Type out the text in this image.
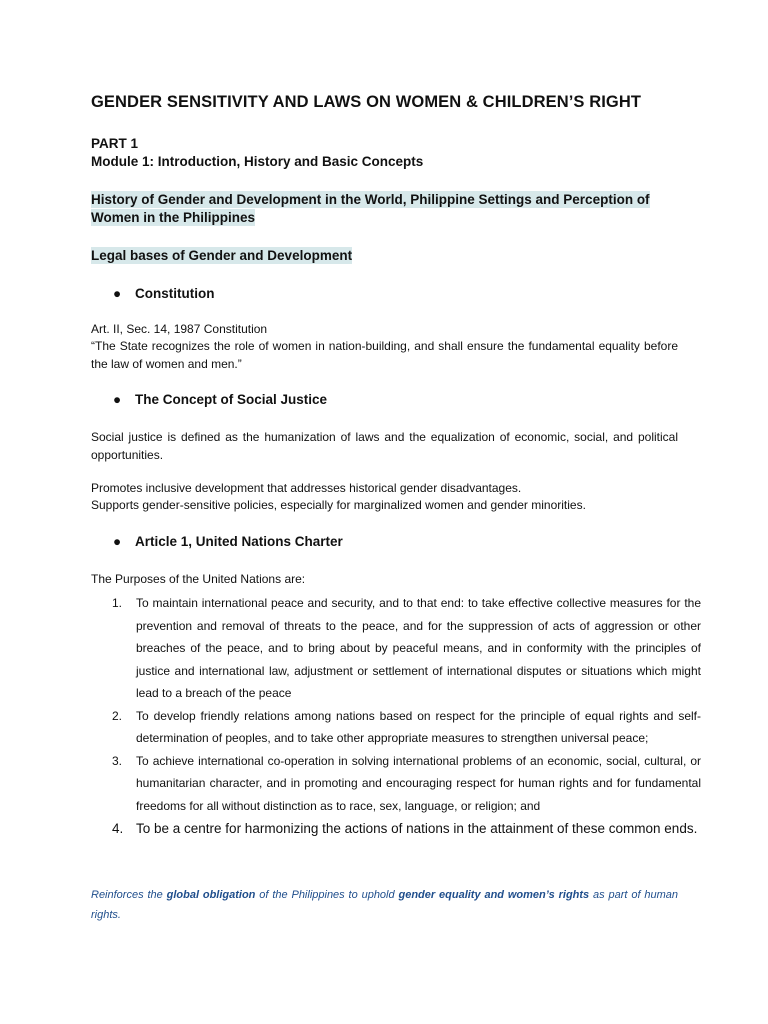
GENDER SENSITIVITY AND LAWS ON WOMEN & CHILDREN’S RIGHT
PART 1
Module 1: Introduction, History and Basic Concepts
History of Gender and Development in the World, Philippine Settings and Perception of Women in the Philippines
Legal bases of Gender and Development
● Constitution
Art. II, Sec. 14, 1987 Constitution
“The State recognizes the role of women in nation-building, and shall ensure the fundamental equality before the law of women and men.”
● The Concept of Social Justice
Social justice is defined as the humanization of laws and the equalization of economic, social, and political opportunities.
Promotes inclusive development that addresses historical gender disadvantages.
Supports gender-sensitive policies, especially for marginalized women and gender minorities.
● Article 1, United Nations Charter
The Purposes of the United Nations are:
1. To maintain international peace and security, and to that end: to take effective collective measures for the prevention and removal of threats to the peace, and for the suppression of acts of aggression or other breaches of the peace, and to bring about by peaceful means, and in conformity with the principles of justice and international law, adjustment or settlement of international disputes or situations which might lead to a breach of the peace
2. To develop friendly relations among nations based on respect for the principle of equal rights and self-determination of peoples, and to take other appropriate measures to strengthen universal peace;
3. To achieve international co-operation in solving international problems of an economic, social, cultural, or humanitarian character, and in promoting and encouraging respect for human rights and for fundamental freedoms for all without distinction as to race, sex, language, or religion; and
4. To be a centre for harmonizing the actions of nations in the attainment of these common ends.
Reinforces the global obligation of the Philippines to uphold gender equality and women’s rights as part of human rights.
